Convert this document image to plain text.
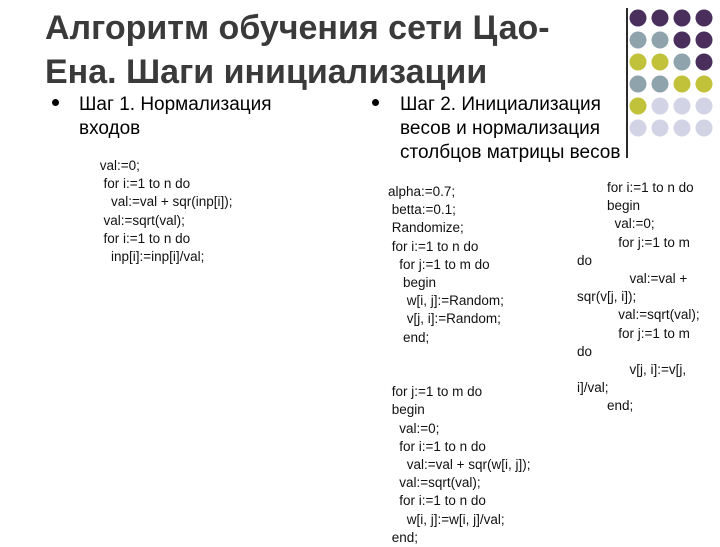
Алгоритм обучения сети Цао-
Ена. Шаги инициализации
Шаг 1. Нормализация
входов
val:=0;
for i:=1 to n do
val:=val + sqr(inp[i]);
val:=sqrt(val);
for i:=1 to n do
inp[i]:=inp[i]/val;
Шаг 2. Инициализация
весов и нормализация
столбцов матрицы весов
alpha:=0.7;
betta:=0.1;
Randomize;
for i:=1 to n do
for j:=1 to m do
begin
w[i, j]:=Random;
v[j, i]:=Random;
end;

for j:=1 to m do
begin
val:=0;
for i:=1 to n do
val:=val + sqr(w[i, j]);
val:=sqrt(val);
for i:=1 to n do
w[i, j]:=w[i, j]/val;
end;
for i:=1 to n do
begin
val:=0;
for j:=1 to m
do
val:=val +
sqr(v[j, i]);
val:=sqrt(val);
for j:=1 to m
do
v[j, i]:=v[j,
i]/val;
end;
